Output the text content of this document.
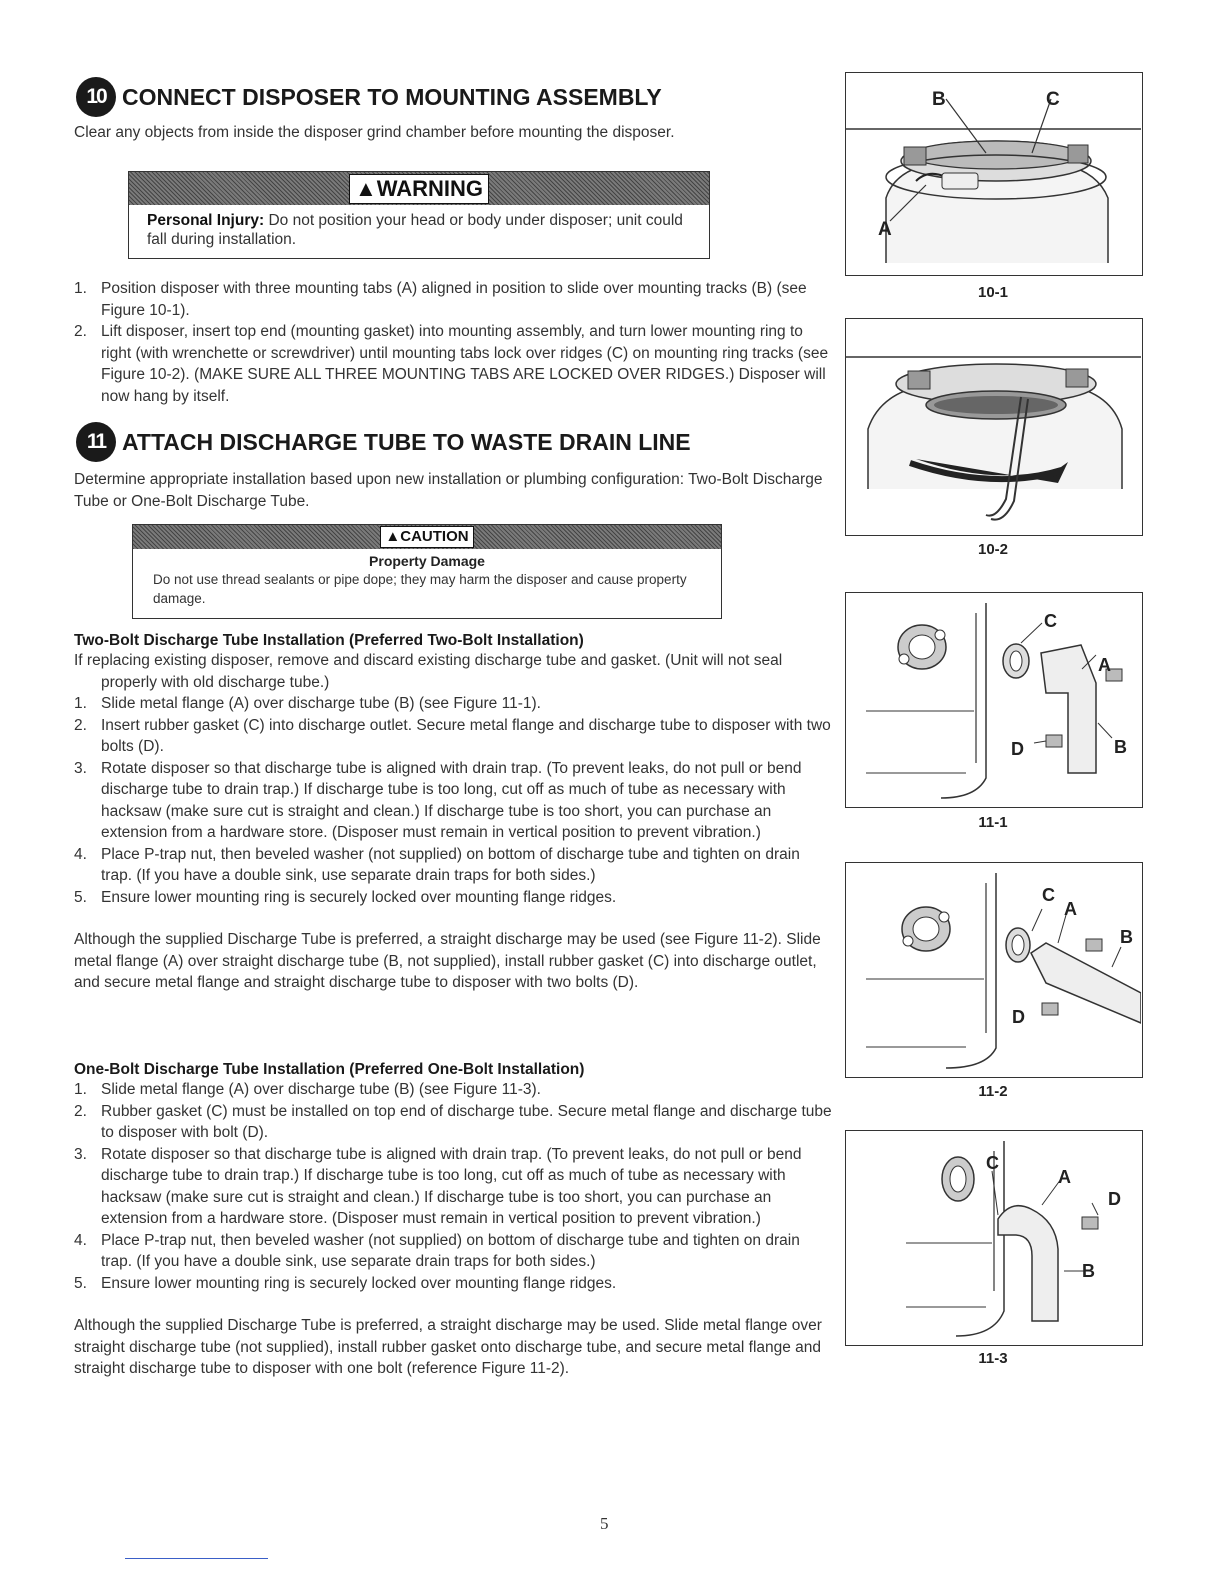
10 CONNECT DISPOSER TO MOUNTING ASSEMBLY
Clear any objects from inside the disposer grind chamber before mounting the disposer.
▲WARNING
Personal Injury: Do not position your head or body under disposer; unit could fall during installation.
1. Position disposer with three mounting tabs (A) aligned in position to slide over mounting tracks (B) (see Figure 10-1).
2. Lift disposer, insert top end (mounting gasket) into mounting assembly, and turn lower mounting ring to right (with wrenchette or screwdriver) until mounting tabs lock over ridges (C) on mounting ring tracks (see Figure 10-2). (MAKE SURE ALL THREE MOUNTING TABS ARE LOCKED OVER RIDGES.) Disposer will now hang by itself.
11 ATTACH DISCHARGE TUBE TO WASTE DRAIN LINE
Determine appropriate installation based upon new installation or plumbing configuration: Two-Bolt Discharge Tube or One-Bolt Discharge Tube.
▲CAUTION
Property Damage
Do not use thread sealants or pipe dope; they may harm the disposer and cause property damage.
Two-Bolt Discharge Tube Installation (Preferred Two-Bolt Installation)
If replacing existing disposer, remove and discard existing discharge tube and gasket. (Unit will not seal properly with old discharge tube.)
1. Slide metal flange (A) over discharge tube (B) (see Figure 11-1).
2. Insert rubber gasket (C) into discharge outlet. Secure metal flange and discharge tube to disposer with two bolts (D).
3. Rotate disposer so that discharge tube is aligned with drain trap. (To prevent leaks, do not pull or bend discharge tube to drain trap.) If discharge tube is too long, cut off as much of tube as necessary with hacksaw (make sure cut is straight and clean.) If discharge tube is too short, you can purchase an extension from a hardware store. (Disposer must remain in vertical position to prevent vibration.)
4. Place P-trap nut, then beveled washer (not supplied) on bottom of discharge tube and tighten on drain trap. (If you have a double sink, use separate drain traps for both sides.)
5. Ensure lower mounting ring is securely locked over mounting flange ridges.
Although the supplied Discharge Tube is preferred, a straight discharge may be used (see Figure 11-2). Slide metal flange (A) over straight discharge tube (B, not supplied), install rubber gasket (C) into discharge outlet, and secure metal flange and straight discharge tube to disposer with two bolts (D).
One-Bolt Discharge Tube Installation (Preferred One-Bolt Installation)
1. Slide metal flange (A) over discharge tube (B) (see Figure 11-3).
2. Rubber gasket (C) must be installed on top end of discharge tube. Secure metal flange and discharge tube to disposer with bolt (D).
3. Rotate disposer so that discharge tube is aligned with drain trap. (To prevent leaks, do not pull or bend discharge tube to drain trap.) If discharge tube is too long, cut off as much of tube as necessary with hacksaw (make sure cut is straight and clean.) If discharge tube is too short, you can purchase an extension from a hardware store. (Disposer must remain in vertical position to prevent vibration.)
4. Place P-trap nut, then beveled washer (not supplied) on bottom of discharge tube and tighten on drain trap. (If you have a double sink, use separate drain traps for both sides.)
5. Ensure lower mounting ring is securely locked over mounting flange ridges.
Although the supplied Discharge Tube is preferred, a straight discharge may be used. Slide metal flange over straight discharge tube (not supplied), install rubber gasket onto discharge tube, and secure metal flange and straight discharge tube to disposer with one bolt (reference Figure 11-2).
B	C
A
10-1
10-2
C
A
D	B
11-1
C
A
B
D
11-2
C
A
D
B
11-3
5
